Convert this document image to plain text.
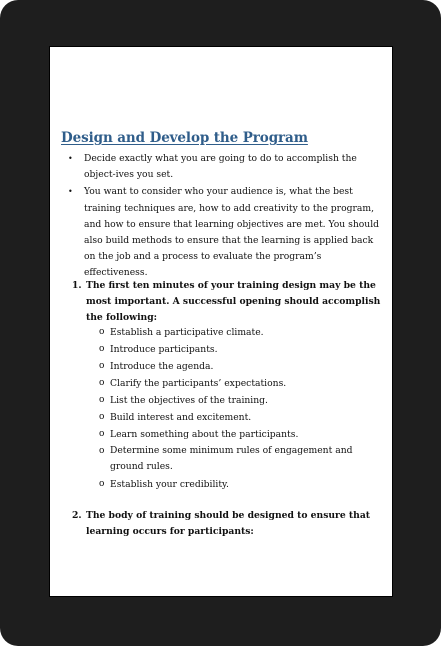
Design and Develop the Program
• Decide exactly what you are going to do to accomplish the object-ives you set.
• You want to consider who your audience is, what the best training techniques are, how to add creativity to the program, and how to ensure that learning objectives are met. You should also build methods to ensure that the learning is applied back on the job and a process to evaluate the program’s effectiveness.
1. The first ten minutes of your training design may be the most important. A successful opening should accomplish the following:
o Establish a participative climate.
o Introduce participants.
o Introduce the agenda.
o Clarify the participants’ expectations.
o List the objectives of the training.
o Build interest and excitement.
o Learn something about the participants.
o Determine some minimum rules of engagement and ground rules.
o Establish your credibility.
2. The body of training should be designed to ensure that learning occurs for participants:
